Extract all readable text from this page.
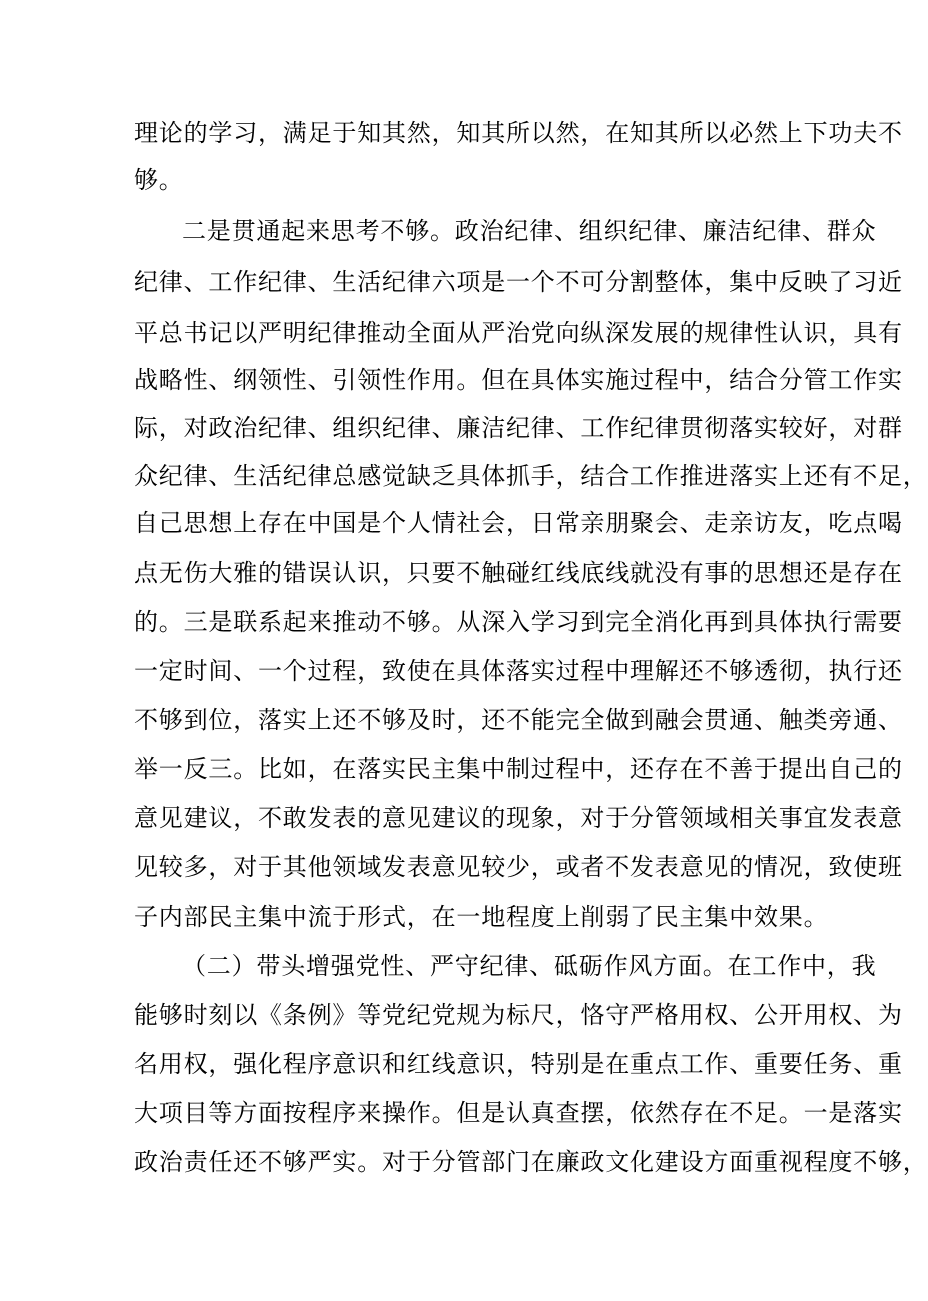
理论的学习，满足于知其然，知其所以然，在知其所以必然上下功夫不
够。
二是贯通起来思考不够。政治纪律、组织纪律、廉洁纪律、群众
纪律、工作纪律、生活纪律六项是一个不可分割整体，集中反映了习近
平总书记以严明纪律推动全面从严治党向纵深发展的规律性认识，具有
战略性、纲领性、引领性作用。但在具体实施过程中，结合分管工作实
际，对政治纪律、组织纪律、廉洁纪律、工作纪律贯彻落实较好，对群
众纪律、生活纪律总感觉缺乏具体抓手，结合工作推进落实上还有不足，
自己思想上存在中国是个人情社会，日常亲朋聚会、走亲访友，吃点喝
点无伤大雅的错误认识，只要不触碰红线底线就没有事的思想还是存在
的。三是联系起来推动不够。从深入学习到完全消化再到具体执行需要
一定时间、一个过程，致使在具体落实过程中理解还不够透彻，执行还
不够到位，落实上还不够及时，还不能完全做到融会贯通、触类旁通、
举一反三。比如，在落实民主集中制过程中，还存在不善于提出自己的
意见建议，不敢发表的意见建议的现象，对于分管领域相关事宜发表意
见较多，对于其他领域发表意见较少，或者不发表意见的情况，致使班
子内部民主集中流于形式，在一地程度上削弱了民主集中效果。
（二）带头增强党性、严守纪律、砥砺作风方面。在工作中，我
能够时刻以《条例》等党纪党规为标尺，恪守严格用权、公开用权、为
名用权，强化程序意识和红线意识，特别是在重点工作、重要任务、重
大项目等方面按程序来操作。但是认真查摆，依然存在不足。一是落实
政治责任还不够严实。对于分管部门在廉政文化建设方面重视程度不够，
